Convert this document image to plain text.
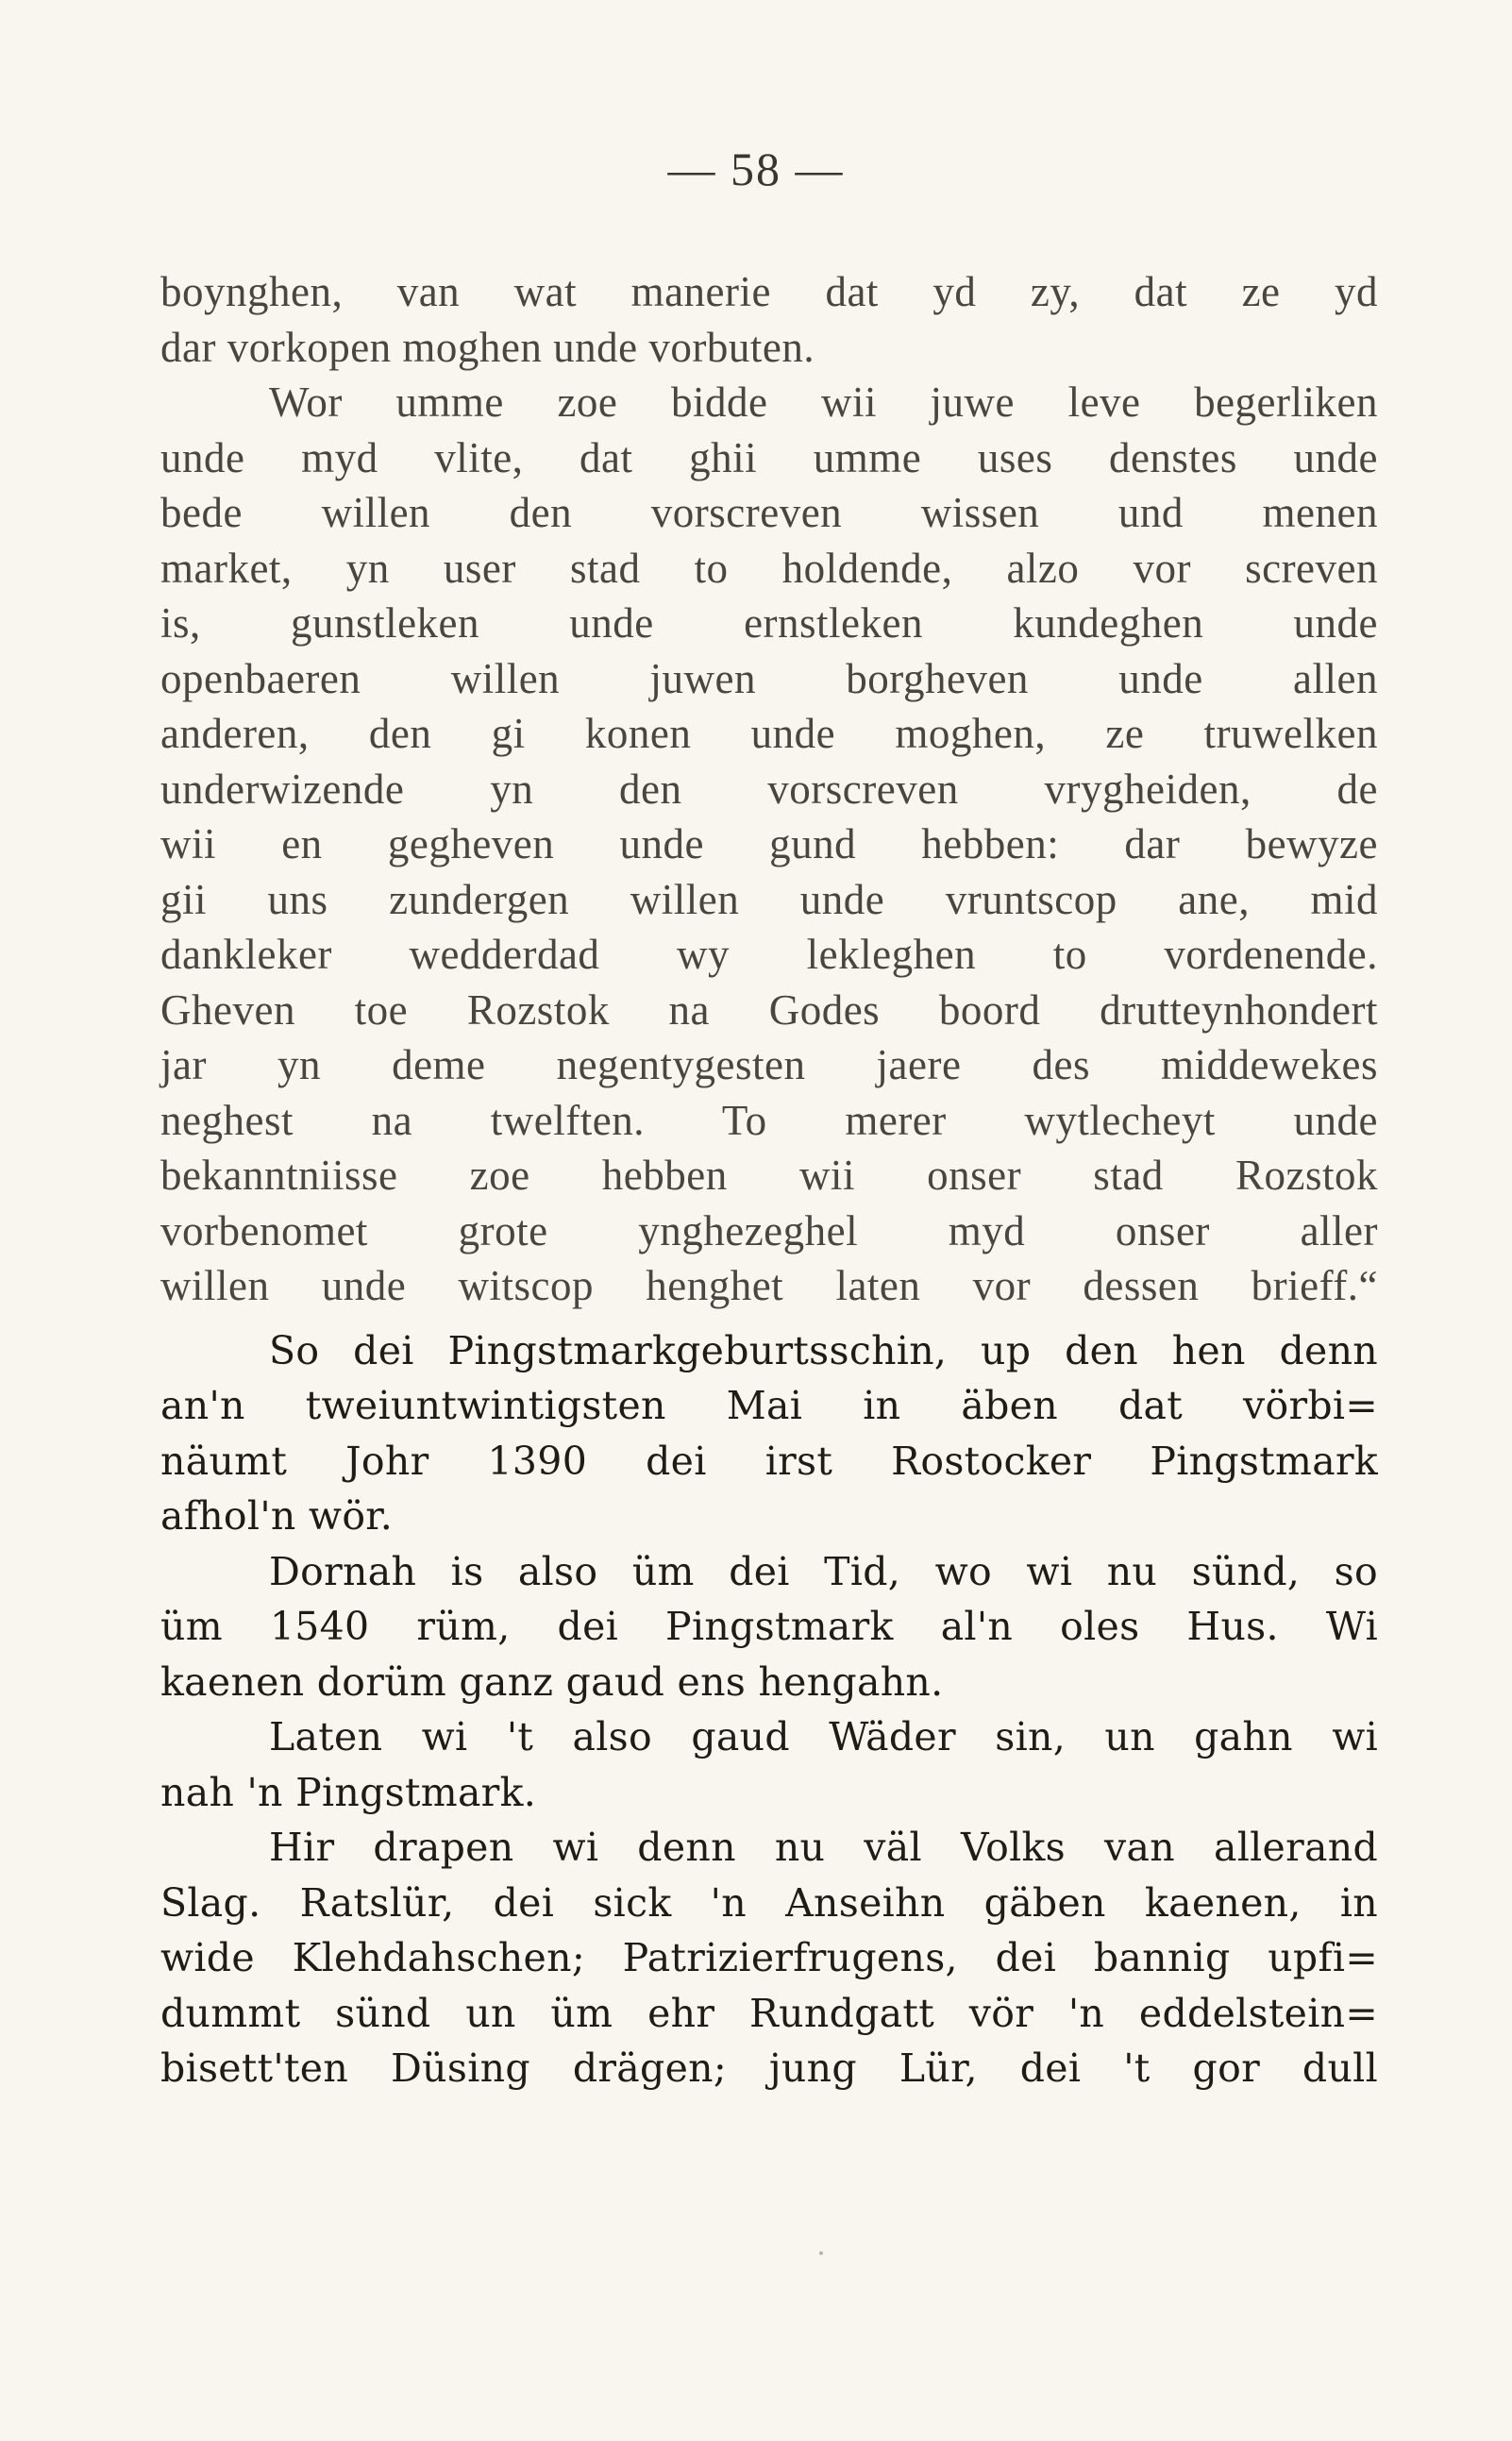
— 58 —
boynghen, van wat manerie dat yd zy, dat ze yd
dar vorkopen moghen unde vorbuten.
Wor umme zoe bidde wii juwe leve begerliken
unde myd vlite, dat ghii umme uses denstes unde
bede willen den vorscreven wissen und menen
market, yn user stad to holdende, alzo vor screven
is, gunstleken unde ernstleken kundeghen unde
openbaeren willen juwen borgheven unde allen
anderen, den gi konen unde moghen, ze truwelken
underwizende yn den vorscreven vrygheiden, de
wii en gegheven unde gund hebben: dar bewyze
gii uns zundergen willen unde vruntscop ane, mid
dankleker wedderdad wy lekleghen to vordenende.
Gheven toe Rozstok na Godes boord drutteynhondert
jar yn deme negentygesten jaere des middewekes
neghest na twelften. To merer wytlecheyt unde
bekanntniisse zoe hebben wii onser stad Rozstok
vorbenomet grote ynghezeghel myd onser aller
willen unde witscop henghet laten vor dessen brieff.“
So dei Pingstmarkgeburtsschin, up den hen denn
an'n tweiuntwintigsten Mai in äben dat vörbi=
näumt Johr 1390 dei irst Rostocker Pingstmark
afhol'n wör.
Dornah is also üm dei Tid, wo wi nu sünd, so
üm 1540 rüm, dei Pingstmark al'n oles Hus. Wi
kaenen dorüm ganz gaud ens hengahn.
Laten wi 't also gaud Wäder sin, un gahn wi
nah 'n Pingstmark.
Hir drapen wi denn nu väl Volks van allerand
Slag. Ratslür, dei sick 'n Anseihn gäben kaenen, in
wide Klehdahschen; Patrizierfrugens, dei bannig upfi=
dummt sünd un üm ehr Rundgatt vör 'n eddelstein=
bisett'ten Düsing drägen; jung Lür, dei 't gor dull
